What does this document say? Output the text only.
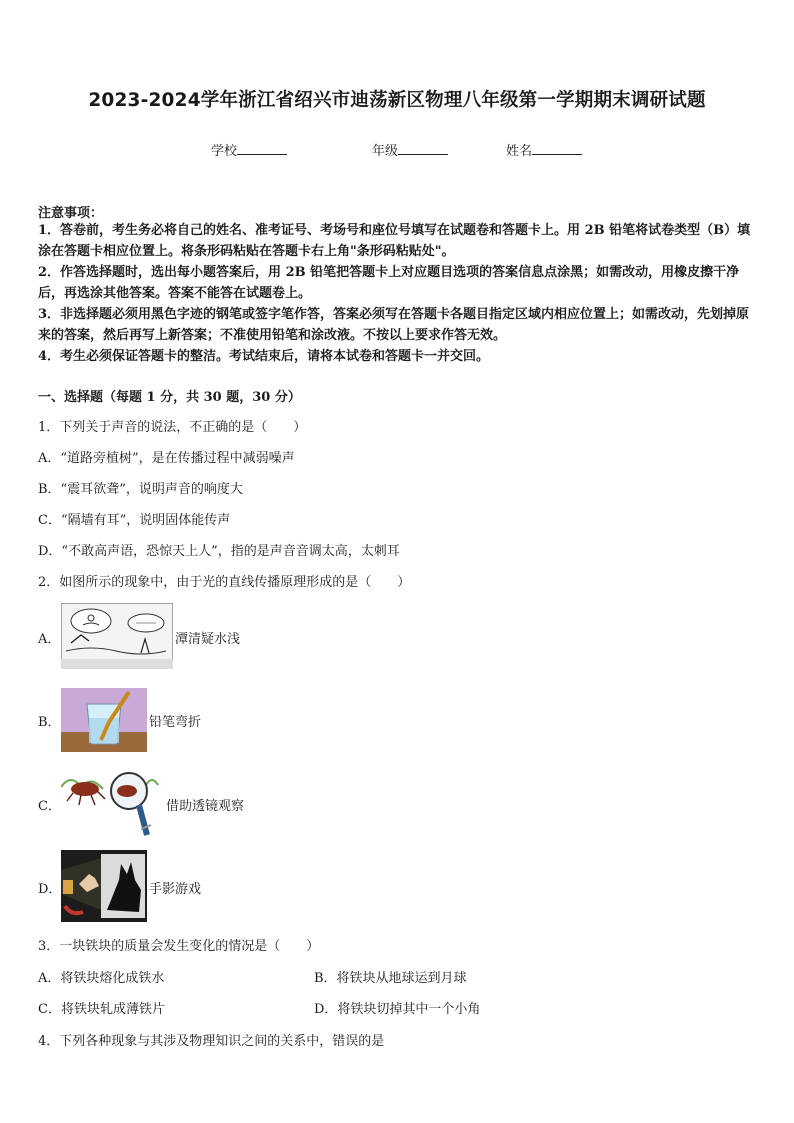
2023-2024学年浙江省绍兴市迪荡新区物理八年级第一学期期末调研试题
学校	年级	姓名
注意事项：
1．答卷前，考生务必将自己的姓名、准考证号、考场号和座位号填写在试题卷和答题卡上。用 2B 铅笔将试卷类型（B）填涂在答题卡相应位置上。将条形码粘贴在答题卡右上角"条形码粘贴处"。
2．作答选择题时，选出每小题答案后，用 2B 铅笔把答题卡上对应题目选项的答案信息点涂黑；如需改动，用橡皮擦干净后，再选涂其他答案。答案不能答在试题卷上。
3．非选择题必须用黑色字迹的钢笔或签字笔作答，答案必须写在答题卡各题目指定区域内相应位置上；如需改动，先划掉原来的答案，然后再写上新答案；不准使用铅笔和涂改液。不按以上要求作答无效。
4．考生必须保证答题卡的整洁。考试结束后，请将本试卷和答题卡一并交回。
一、选择题（每题 1 分，共 30 题，30 分）
1．下列关于声音的说法，不正确的是（　　）
A．“道路旁植树”，是在传播过程中减弱噪声
B．“震耳欲聋”，说明声音的响度大
C．“隔墙有耳”，说明固体能传声
D．“不敢高声语，恐惊天上人”，指的是声音音调太高，太刺耳
2．如图所示的现象中，由于光的直线传播原理形成的是（　　）
A．	潭清疑水浅
B．	铅笔弯折
C．	借助透镜观察
D．	手影游戏
3．一块铁块的质量会发生变化的情况是（　　）
A．将铁块熔化成铁水	B．将铁块从地球运到月球
C．将铁块轧成薄铁片	D．将铁块切掉其中一个小角
4．下列各种现象与其涉及物理知识之间的关系中，错误的是
